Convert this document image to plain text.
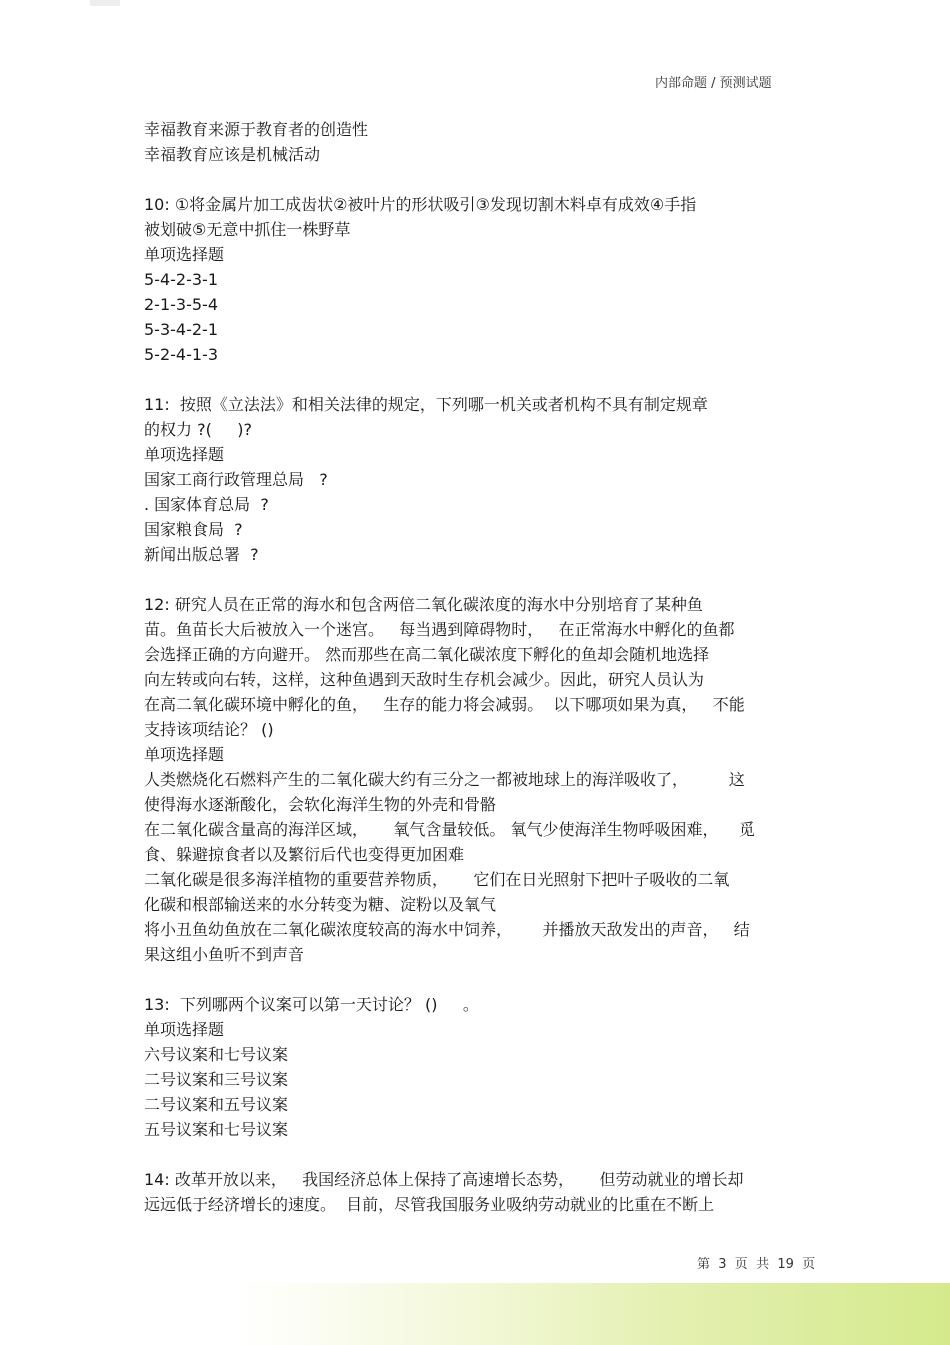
内部命题 / 预测试题
幸福教育来源于教育者的创造性
幸福教育应该是机械活动
10: ①将金属片加工成齿状②被叶片的形状吸引③发现切割木料卓有成效④手指
被划破⑤无意中抓住一株野草
单项选择题
5-4-2-3-1
2-1-3-5-4
5-3-4-2-1
5-2-4-1-3
11:  按照《立法法》和相关法律的规定，下列哪一机关或者机构不具有制定规章
的权力 ?(     )?
单项选择题
国家工商行政管理总局   ?
. 国家体育总局  ?
国家粮食局  ?
新闻出版总署  ?
12: 研究人员在正常的海水和包含两倍二氧化碳浓度的海水中分别培育了某种鱼
苗。鱼苗长大后被放入一个迷宫。   每当遇到障碍物时，   在正常海水中孵化的鱼都
会选择正确的方向避开。 然而那些在高二氧化碳浓度下孵化的鱼却会随机地选择
向左转或向右转，这样，这种鱼遇到天敌时生存机会减少。因此，研究人员认为
在高二氧化碳环境中孵化的鱼，   生存的能力将会减弱。  以下哪项如果为真，   不能
支持该项结论？ ()
单项选择题
人类燃烧化石燃料产生的二氧化碳大约有三分之一都被地球上的海洋吸收了，        这
使得海水逐渐酸化，会软化海洋生物的外壳和骨骼
在二氧化碳含量高的海洋区域，     氧气含量较低。 氧气少使海洋生物呼吸困难，    觅
食、躲避掠食者以及繁衍后代也变得更加困难
二氧化碳是很多海洋植物的重要营养物质，     它们在日光照射下把叶子吸收的二氧
化碳和根部输送来的水分转变为糖、淀粉以及氧气
将小丑鱼幼鱼放在二氧化碳浓度较高的海水中饲养，      并播放天敌发出的声音，   结
果这组小鱼听不到声音
13:  下列哪两个议案可以第一天讨论？ ()     。
单项选择题
六号议案和七号议案
二号议案和三号议案
二号议案和五号议案
五号议案和七号议案
14: 改革开放以来，   我国经济总体上保持了高速增长态势，     但劳动就业的增长却
远远低于经济增长的速度。  目前，尽管我国服务业吸纳劳动就业的比重在不断上
第  3  页  共  19  页
